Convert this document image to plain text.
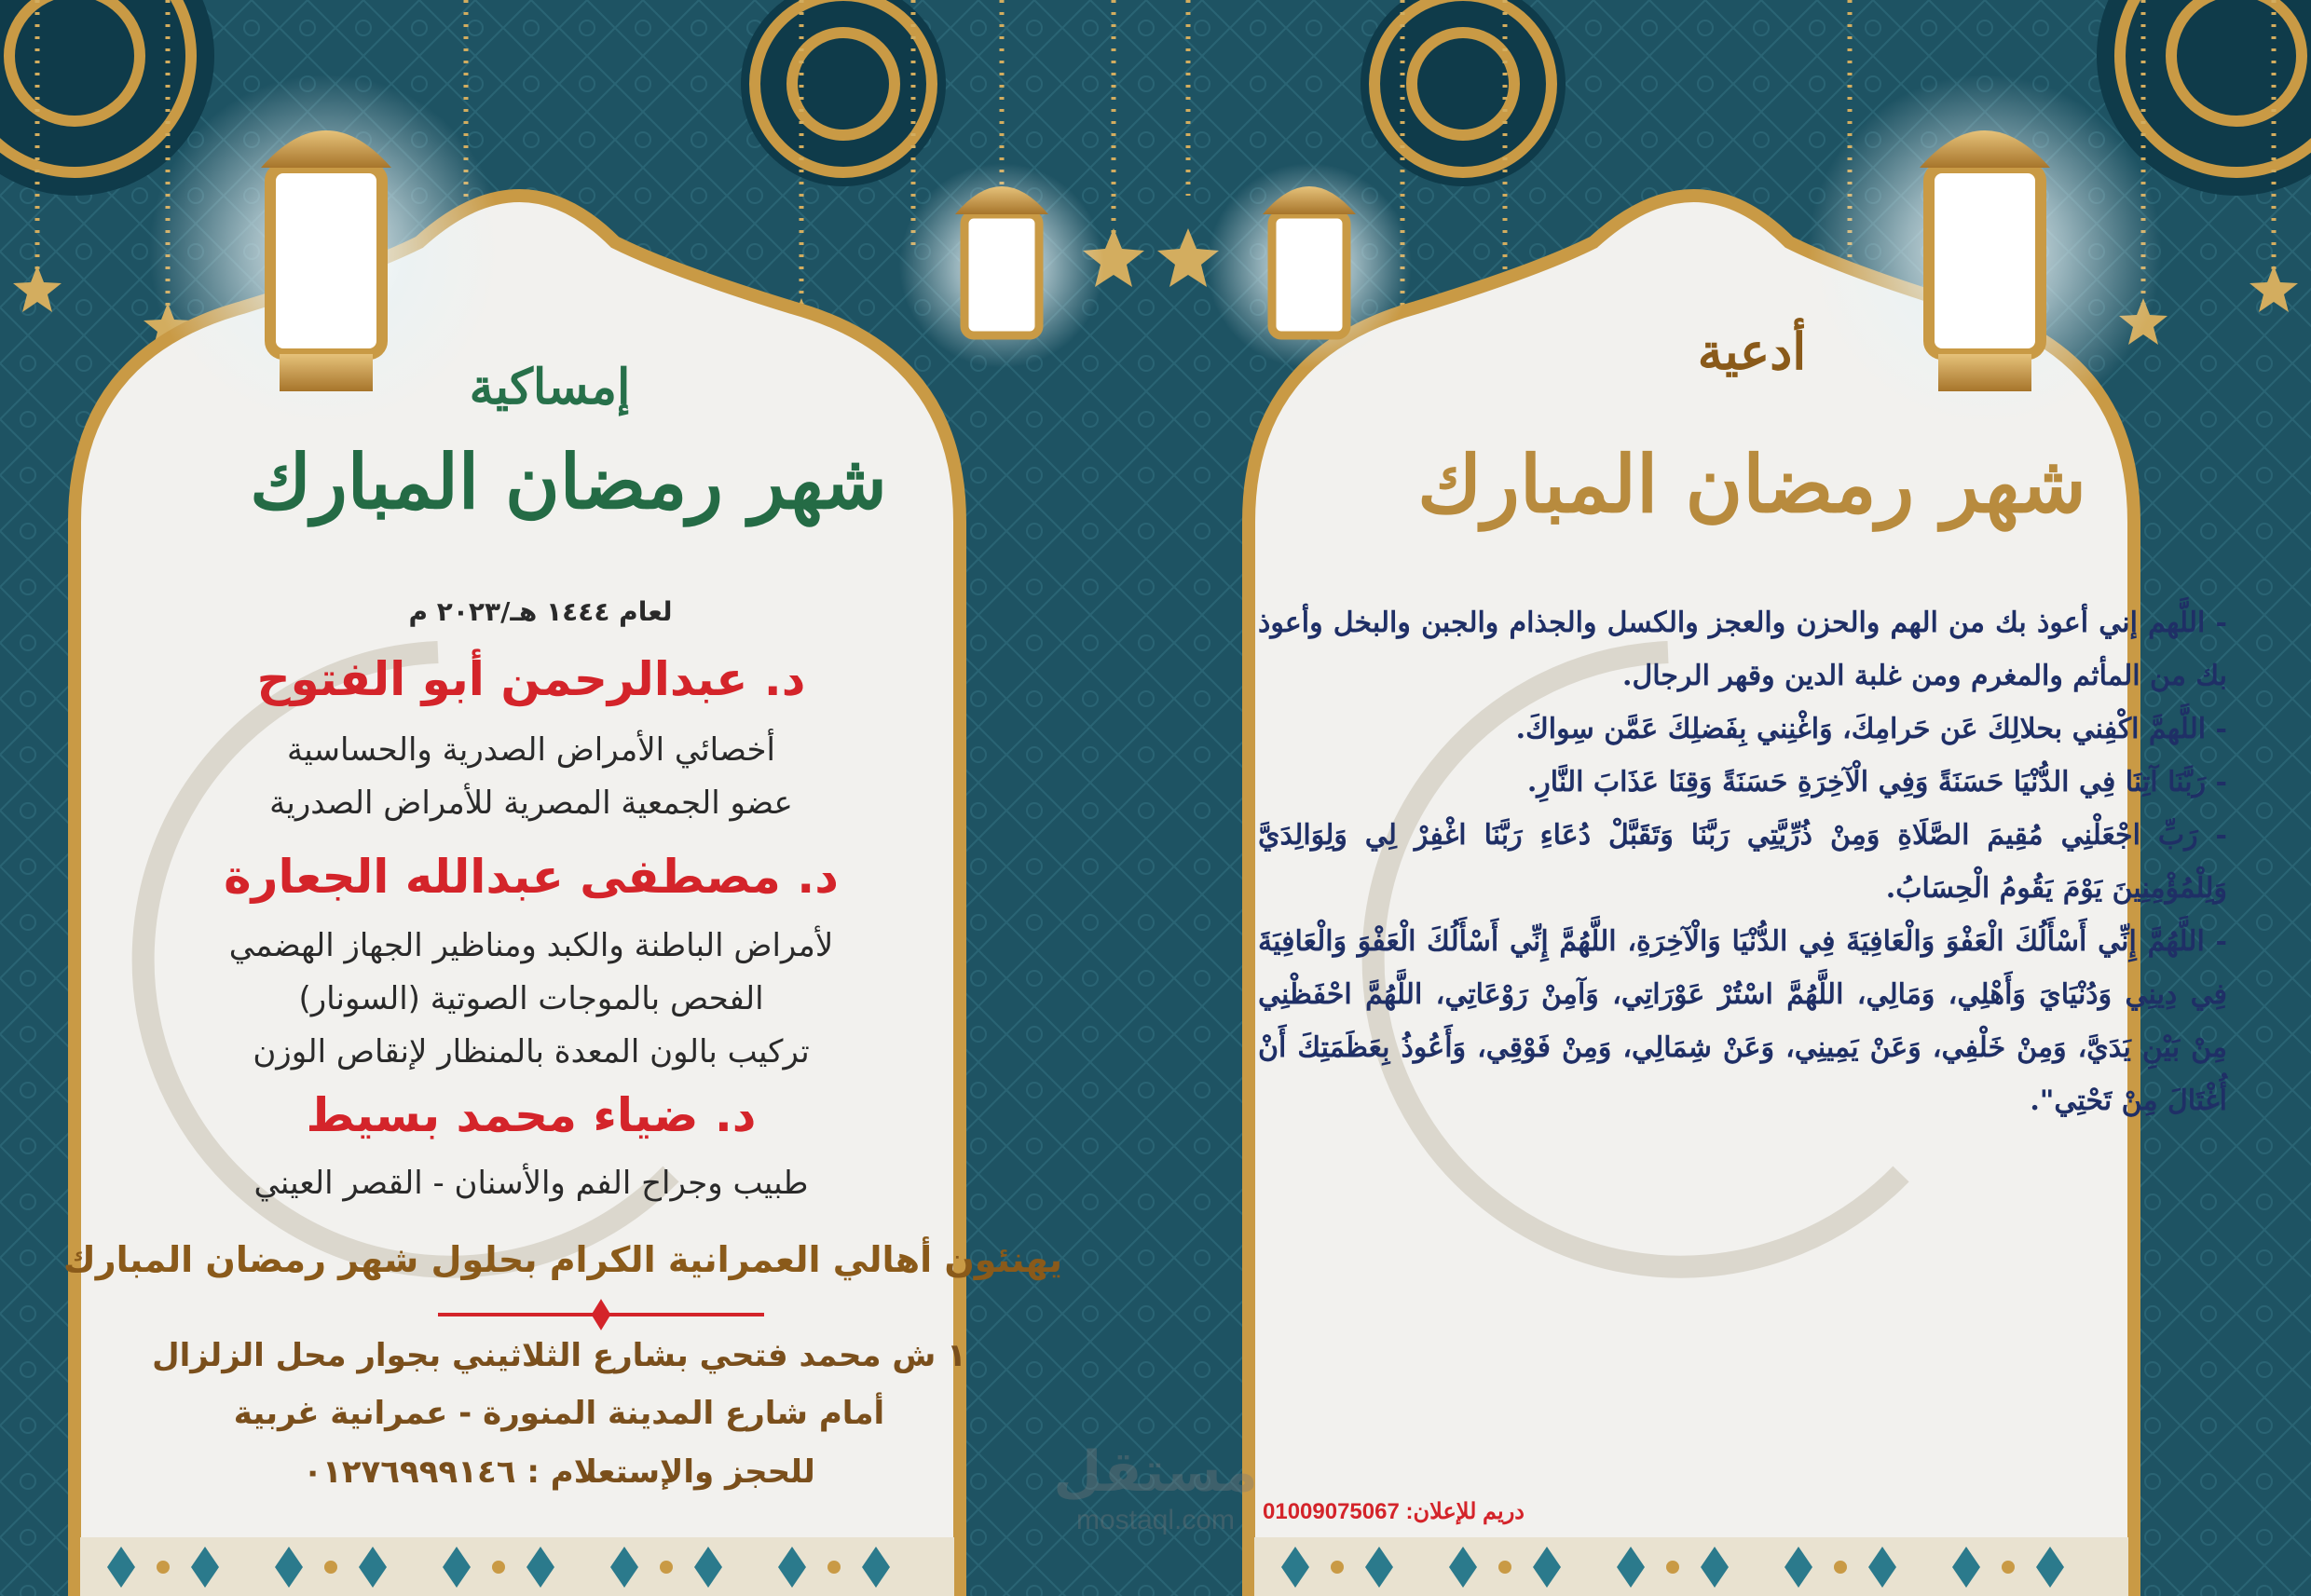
إمساكية
شهر رمضان المبارك
لعام ١٤٤٤ هـ/٢٠٢٣ م
د. عبدالرحمن أبو الفتوح
أخصائي الأمراض الصدرية والحساسية
عضو الجمعية المصرية للأمراض الصدرية
د. مصطفى عبدالله الجعارة
لأمراض الباطنة والكبد ومناظير الجهاز الهضمي
الفحص بالموجات الصوتية (السونار)
تركيب بالون المعدة بالمنظار لإنقاص الوزن
د. ضياء محمد بسيط
طبيب وجراح الفم والأسنان - القصر العيني
يهنئون أهالي العمرانية الكرام بحلول شهر رمضان المبارك
١ ش محمد فتحي بشارع الثلاثيني بجوار محل الزلزال
أمام شارع المدينة المنورة - عمرانية غربية
للحجز والإستعلام : ٠١٢٧٦٩٩٩١٤٦
أدعية
شهر رمضان المبارك
- اللَّهم إني أعوذ بك من الهم والحزن والعجز والكسل والجذام والجبن والبخل وأعوذ بك من المأثم والمغرم ومن غلبة الدين وقهر الرجال.
- اللَّهمَّ اكْفِني بحلالِكَ عَن حَرامِكَ، وَاغْنِني بِفَضلِكَ عَمَّن سِواكَ.
- رَبَّنَا آتِنَا فِي الدُّنْيَا حَسَنَةً وَفِي الْآخِرَةِ حَسَنَةً وَقِنَا عَذَابَ النَّارِ.
- رَبِّ اجْعَلْنِي مُقِيمَ الصَّلَاةِ وَمِنْ ذُرِّيَّتِي رَبَّنَا وَتَقَبَّلْ دُعَاءِ رَبَّنَا اغْفِرْ لِي وَلِوَالِدَيَّ وَلِلْمُؤْمِنِينَ يَوْمَ يَقُومُ الْحِسَابُ.
- اللَّهُمَّ إِنِّي أَسْأَلُكَ الْعَفْوَ وَالْعَافِيَةَ فِي الدُّنْيَا وَالْآخِرَةِ، اللَّهُمَّ إِنِّي أَسْأَلُكَ الْعَفْوَ وَالْعَافِيَةَ فِي دِينِي وَدُنْيَايَ وَأَهْلِي، وَمَالِي، اللَّهُمَّ اسْتُرْ عَوْرَاتِي، وَآمِنْ رَوْعَاتِي، اللَّهُمَّ احْفَظْنِي مِنْ بَيْنِ يَدَيَّ، وَمِنْ خَلْفِي، وَعَنْ يَمِينِي، وَعَنْ شِمَالِي، وَمِنْ فَوْقِي، وَأَعُوذُ بِعَظَمَتِكَ أَنْ أُغْتَالَ مِنْ تَحْتِي".
دريم للإعلان: 01009075067
مستقل
mostaql.com
